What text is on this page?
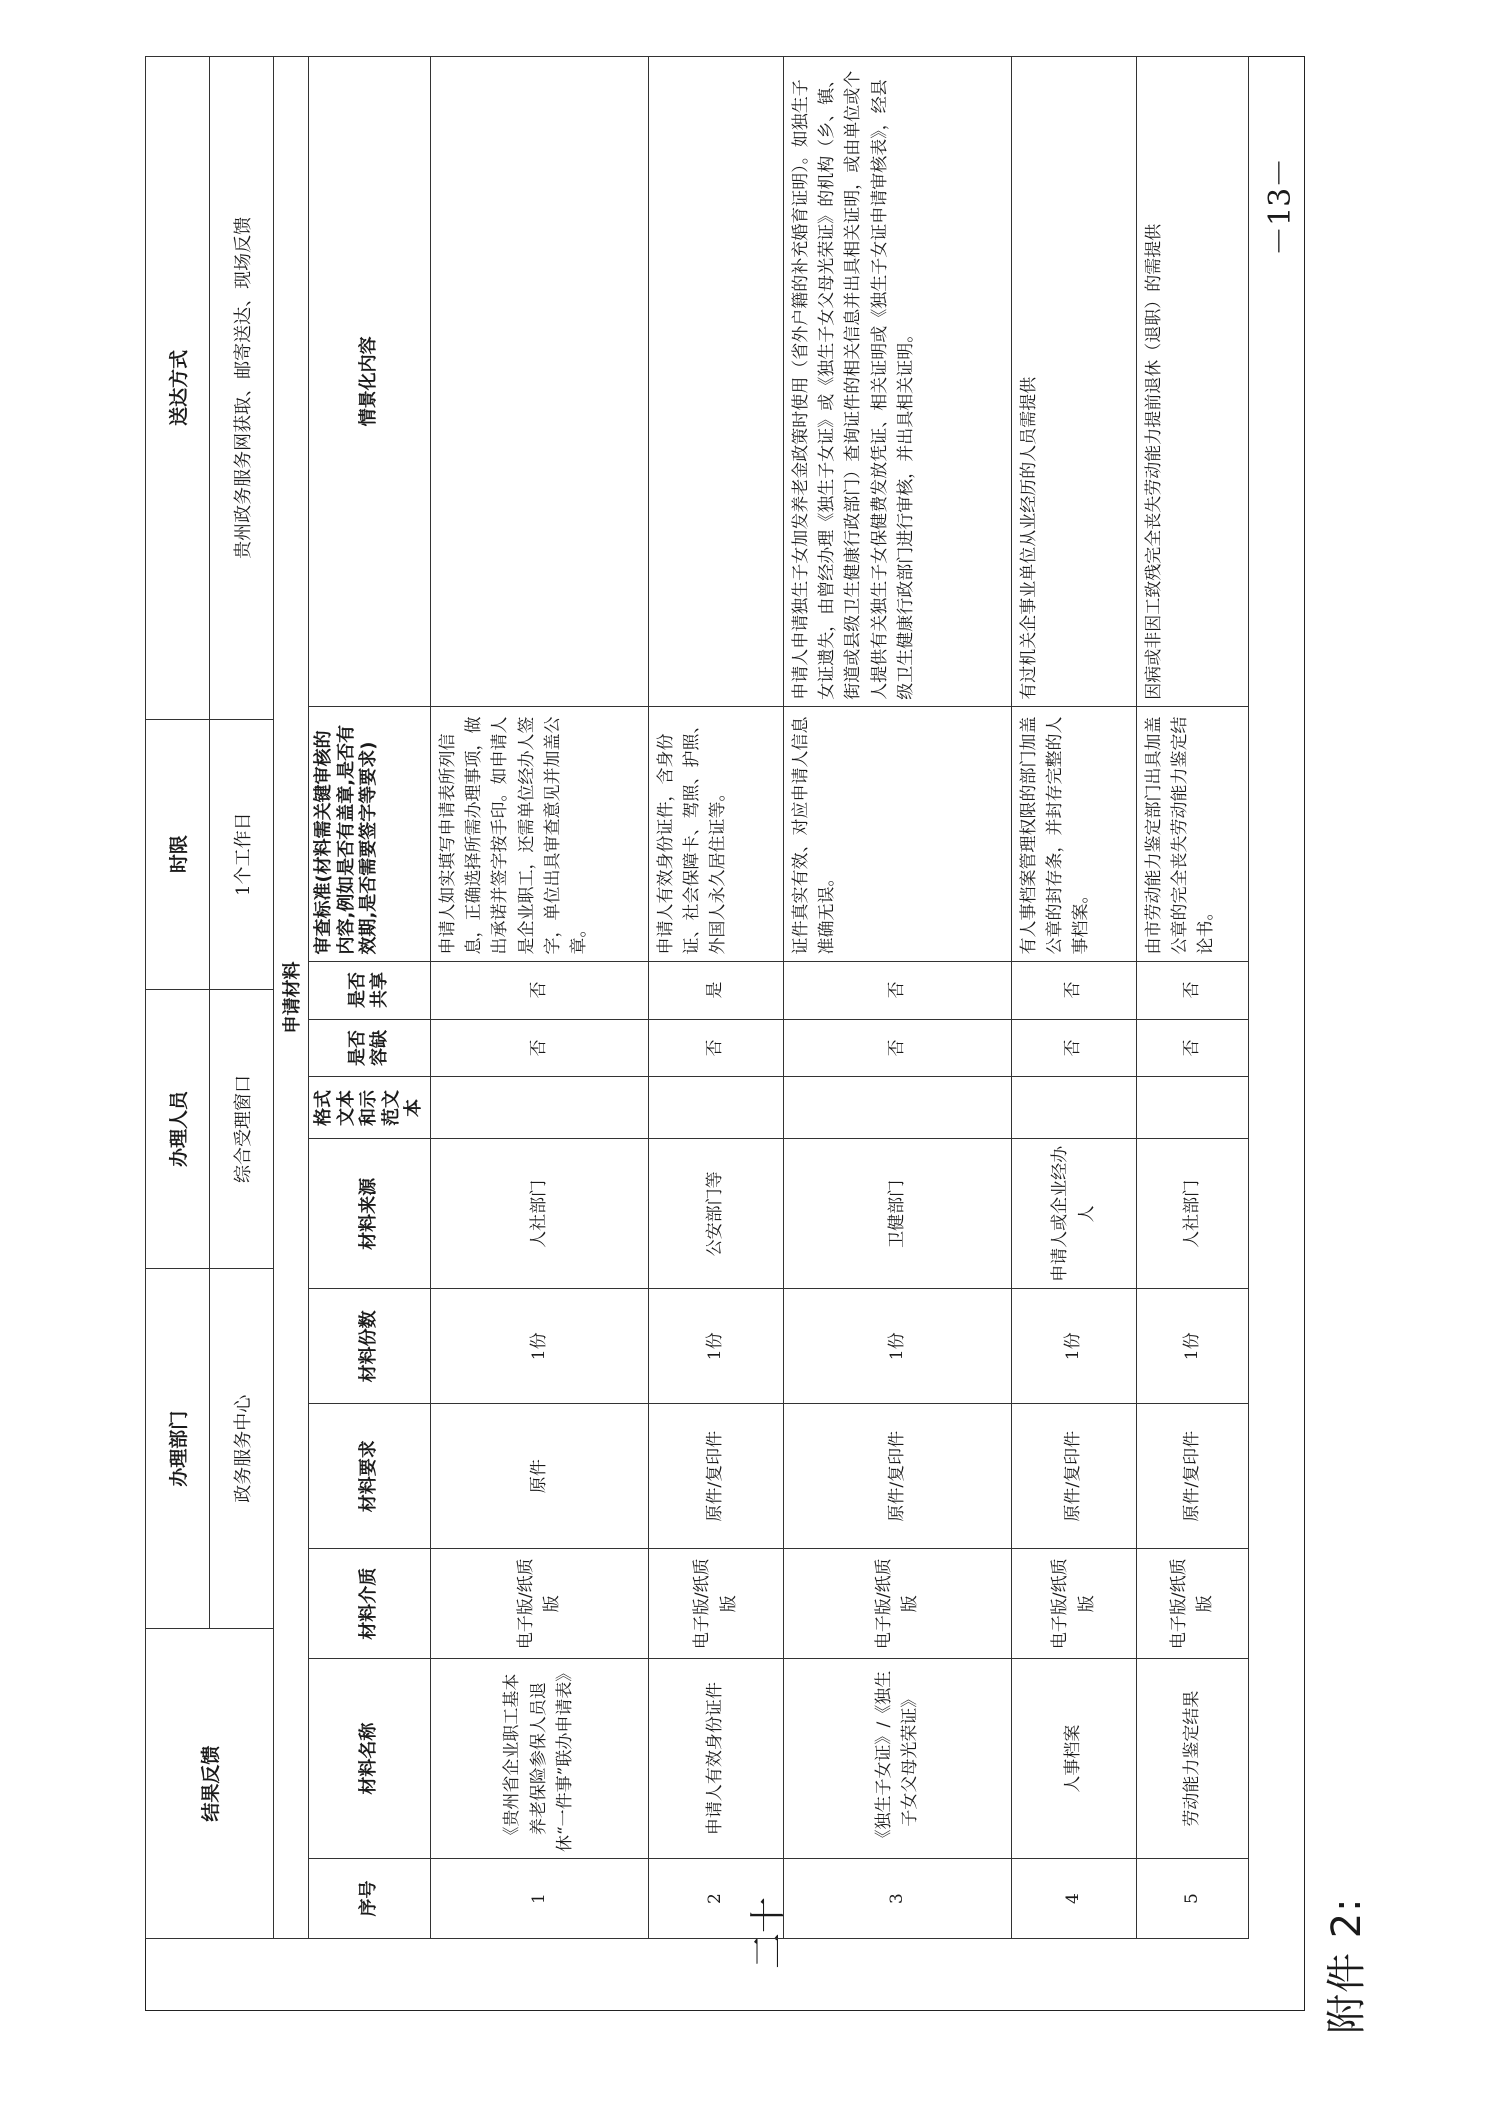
附件 2:
二十
－13－
结果反馈	办理部门	办理人员	时限	送达方式
	政务服务中心	综合受理窗口	1个工作日	贵州政务服务网获取、邮寄送达、现场反馈
申请材料										
序号	材料名称	材料介质	材料要求	材料份数	材料来源	格式文本和示范文本	是否容缺	是否共享	审查标准(材料需关键审核的内容,例如是否有盖章,是否有效期,是否需要签字等要求)	情景化内容
1	《贵州省企业职工基本养老保险参保人员退休“一件事”联办申请表》	电子版/纸质版	原件	1份	人社部门		否	否	申请人如实填写申请表所列信息，正确选择所需办理事项，做出承诺并签字按手印。如申请人是企业职工，还需单位经办人签字，单位出具审查意见并加盖公章。	
2	申请人有效身份证件	电子版/纸质版	原件/复印件	1份	公安部门等		否	是	申请人有效身份证件，含身份证、社会保障卡、驾照、护照、外国人永久居住证等。	
3	《独生子女证》/《独生子女父母光荣证》	电子版/纸质版	原件/复印件	1份	卫健部门		否	否	证件真实有效、对应申请人信息准确无误。	申请人申请独生子女加发养老金政策时使用（省外户籍的补充婚育证明）。如独生子女证遗失，由曾经办理《独生子女证》或《独生子女父母光荣证》的机构（乡、镇、街道或县级卫生健康行政部门）查询证件的相关信息并出具相关证明，或由单位或个人提供有关独生子女保健费发放凭证、相关证明或《独生子女证申请审核表》，经县级卫生健康行政部门进行审核，并出具相关证明。
4	人事档案	电子版/纸质版	原件/复印件	1份	申请人或企业经办人		否	否	有人事档案管理权限的部门加盖公章的封存条，并封存完整的人事档案。	有过机关企事业单位从业经历的人员需提供
5	劳动能力鉴定结果	电子版/纸质版	原件/复印件	1份	人社部门		否	否	由市劳动能力鉴定部门出具加盖公章的完全丧失劳动能力鉴定结论书。	因病或非因工致残完全丧失劳动能力提前退休（退职）的需提供
